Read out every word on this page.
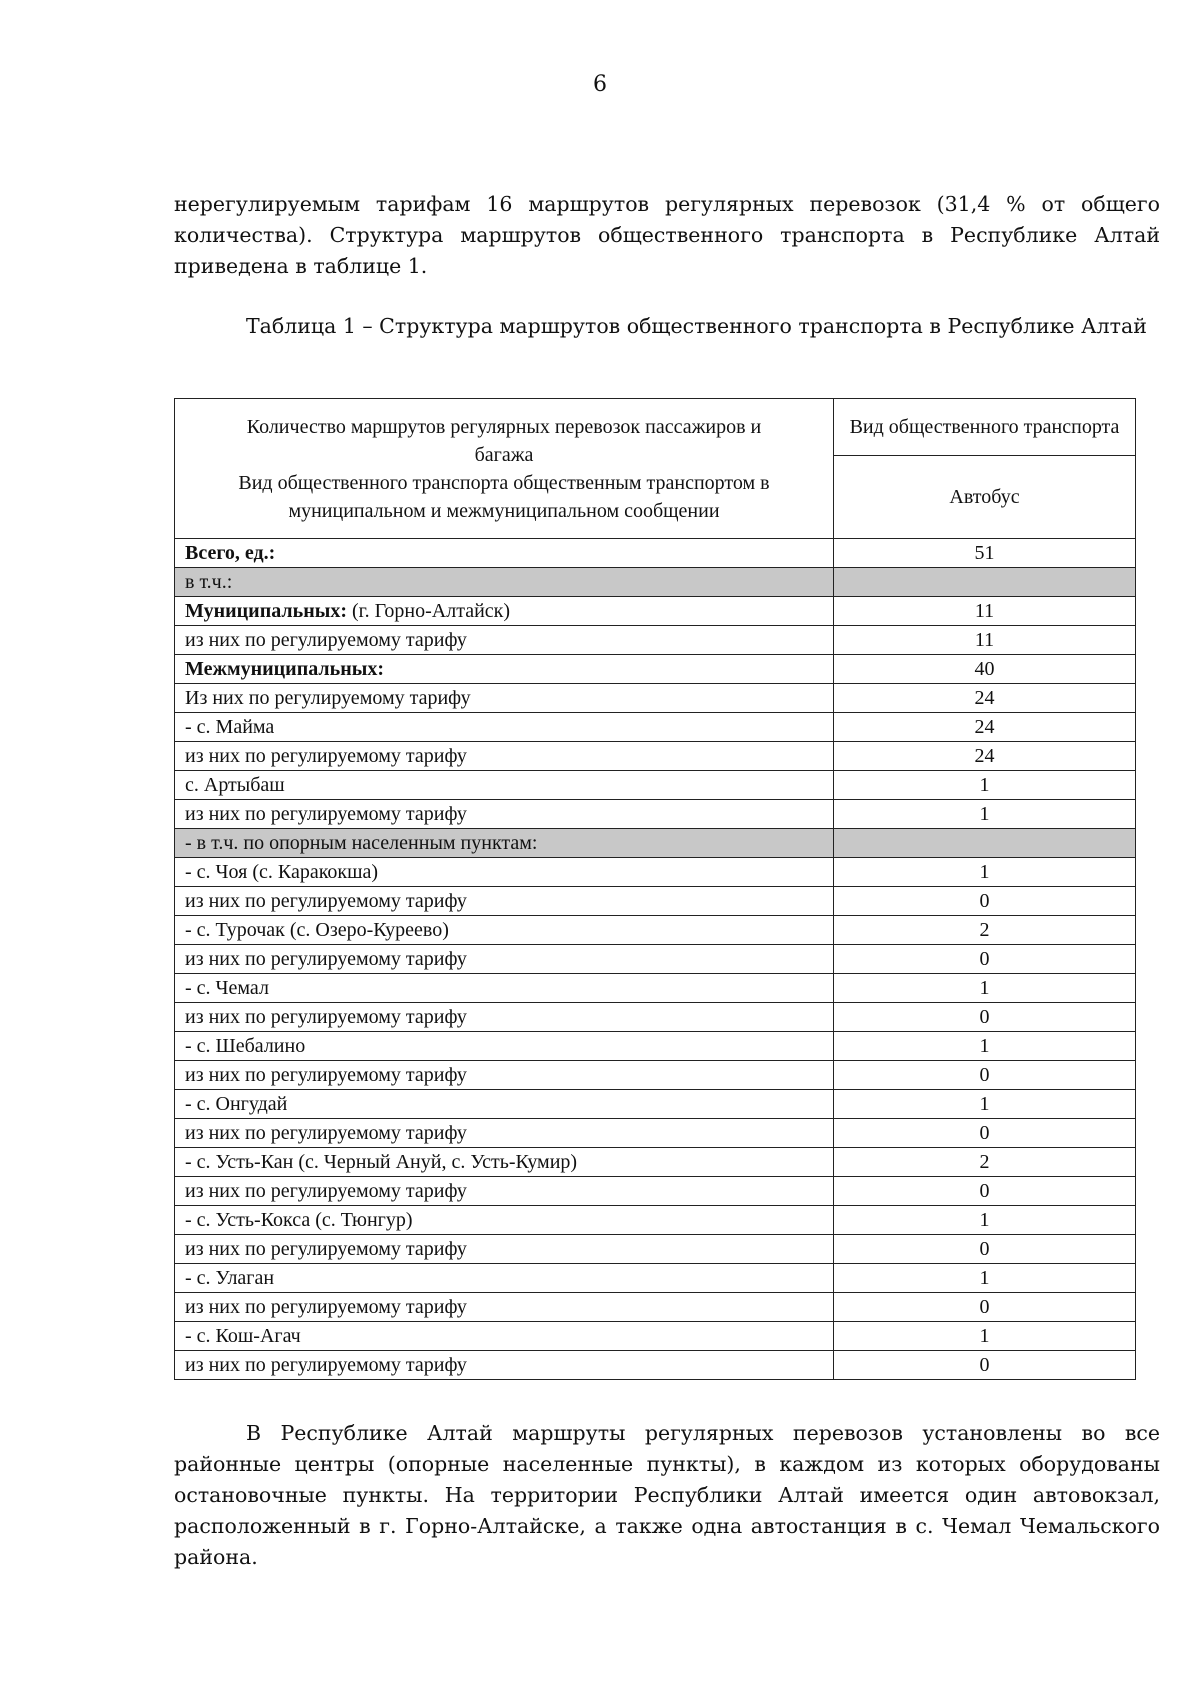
6

нерегулируемым тарифам 16 маршрутов регулярных перевозок (31,4 % от общего количества). Структура маршрутов общественного транспорта в Республике Алтай приведена в таблице 1.

Таблица 1 – Структура маршрутов общественного транспорта в Республике Алтай

Количество маршрутов регулярных перевозок пассажиров и багажа
Вид общественного транспорта общественным транспортом в муниципальном и межмуниципальном сообщении	Вид общественного транспорта
	Автобус
Всего, ед.:	51
в т.ч.:	
Муниципальных: (г. Горно-Алтайск)	11
из них по регулируемому тарифу	11
Межмуниципальных:	40
Из них по регулируемому тарифу	24
- с. Майма	24
из них по регулируемому тарифу	24
с. Артыбаш	1
из них по регулируемому тарифу	1
- в т.ч. по опорным населенным пунктам:	
- с. Чоя (с. Каракокша)	1
из них по регулируемому тарифу	0
- с. Турочак (с. Озеро-Куреево)	2
из них по регулируемому тарифу	0
- с. Чемал	1
из них по регулируемому тарифу	0
- с. Шебалино	1
из них по регулируемому тарифу	0
- с. Онгудай	1
из них по регулируемому тарифу	0
- с. Усть-Кан (с. Черный Ануй, с. Усть-Кумир)	2
из них по регулируемому тарифу	0
- с. Усть-Кокса (с. Тюнгур)	1
из них по регулируемому тарифу	0
- с. Улаган	1
из них по регулируемому тарифу	0
- с. Кош-Агач	1
из них по регулируемому тарифу	0

В Республике Алтай маршруты регулярных перевозов установлены во все районные центры (опорные населенные пункты), в каждом из которых оборудованы остановочные пункты. На территории Республики Алтай имеется один автовокзал, расположенный в г. Горно-Алтайске, а также одна автостанция в с. Чемал Чемальского района.
